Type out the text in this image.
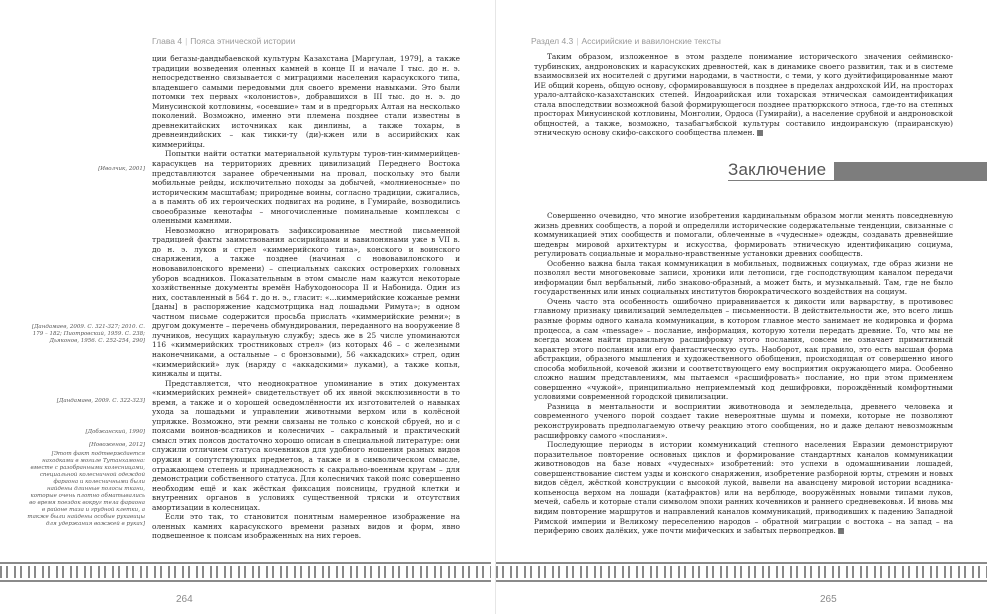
Глава 4 | Пояса этнической истории

ции бегазы-дандыбаевской культуры Казахстана [Маргулан, 1979], а также традиции возведения оленных камней в конце II и начале I тыс. до н. э. непосредственно связывается с миграциями населения карасукского типа, владевшего самыми передовыми для своего времени навыками. Это были потомки тех первых «колонистов», добравшихся в III тыс. до н. э. до Минусинской котловины, «осевшие» там и в предгорьях Алтая на несколько поколений. Возможно, именно эти племена позднее стали известны в древнекитайских источниках как динлины, а также тохары, в древнеиндийских – как тикки-ту (ди)-кжен или в ассирийских как киммерийцы.

Попытки найти остатки материальной культуры туров-тин-киммерийцев-карасукцев на территориях древних цивилизаций Переднего Востока представляются заранее обреченными на провал, поскольку это были мобильные рейды, исключительно походы за добычей, «молниеносные» по историческим масштабам; природные воины, согласно традиции, сжигались, а в память об их героических подвигах на родине, в Гумирайе, возводились своеобразные кенотафы – многочисленные поминальные комплексы с оленными камнями.

Невозможно игнорировать зафиксированные местной письменной традицией факты заимствования ассирийцами и вавилонянами уже в VII в. до н. э. луков и стрел «киммерийского типа», конского и воинского снаряжения, а также позднее (начиная с нововавилонского и нововавилонского времени) – специальных сакских островерхих головных уборов всадников. Показательным в этом смысле нам кажутся некоторые хозяйственные документы времён Набуходоносора II и Набонида. Один из них, составленный в 564 г. до н. э., гласит: «...киммерийские кожаные ремни [даны] в распоряжение кадсмотрщика над лошадьми Римута»; в одном частном письме содержится просьба прислать «киммерийские ремни»; в другом документе – перечень обмундирования, переданного на вооружение 8 лучников, несущих караульную службу; здесь же в 25 числе упоминаются 116 «киммерийских тростниковых стрел» (из которых 46 – с железными наконечниками, а остальные – с бронзовыми), 56 «аккадских» стрел, один «киммерийский» лук (наряду с «аккадскими» луками), а также копья, кинжалы и щиты.

Представляется, что неоднократное упоминание в этих документах «киммерийских ремней» свидетельствует об их явной эксклюзивности в то время, а также и о хорошей осведомлённости их изготовителей о навыках ухода за лошадьми и управлении животными верхом или в колёсной упряжке. Возможно, эти ремни связаны не только с конской сбруей, но и с поясами воинов-всадников и колесничих – сакральный и практический смысл этих поясов достаточно хорошо описан в специальной литературе: они служили отличием статуса кочевников для удобного ношения разных видов оружия и сопутствующих предметов, а также и в символическом смысле, отражающем степень и принадлежность к сакрально-военным кругам – для демонстрации собственного статуса. Для колесничих такой пояс совершенно необходим ещё и как жёсткая фиксация поясницы, грудной клетки и внутренних органов в условиях существенной тряски и отсутствия амортизации в колесницах.

Если это так, то становится понятным намеренное изображение на оленных камнях карасукского времени разных видов и форм, явно подвешенное к поясам изображенных на них героев.

[Иволчик, 2001]
[Дандамаев, 2009. С. 321-327; 2010. С. 179 – 182; Пиотровский, 1959. С. 238; Дьяконов, 1956. С. 252-254, 290]
[Дандамаев, 2009. С. 322-323]
[Добжанский, 1990]
[Новоженов, 2012]
[Этот факт подтверждается находками в могиле Тутанхамона: вместе с разобранными колесницами, специальной колесничной одеждой фараона и колесничными были найдены длинные полосы ткани, которые очень плотно обматывались во время поездок вокруг тела фараона в районе таза и грудной клетки, а также были найдены особые рукавицы для удержания вожжей в руках]
264
Раздел 4.3 | Ассирийские и вавилонские тексты

Таким образом, изложенное в этом разделе понимание исторического значения сейминско-турбинских, андроновских и карасукских древностей, как в динамике своего развития, так и в системе взаимосвязей их носителей с другими народами, в частности, с теми, у кого дуэйтифицированные мают ИЕ общий корень, общую основу, сформировавшуюся в позднее в пределах андрохской ИИ, на просторах урало-алтайско-казахстанских степей. Индоарийская или тохарская этническая самоидентификация стала впоследствии возможной базой формирующегося позднее пратюркского этноса, где-то на степных просторах Минусинской котловины, Монголии, Ордоса (Гумирайи), а население срубной и андроновской общностей, а также, возможно, тазабагъябской культуры составило индоиранскую (праиранскую) этническую основу скифо-сакского сообщества племен.

Заключение

Совершенно очевидно, что многие изобретения кардинальным образом могли менять повседневную жизнь древних сообществ, а порой и определяли исторические содержательные тенденции, связанные с коммуникацией этих сообществ и помогали, облеченные в «чудесные» одежды, создавать древнейшие шедевры мировой архитектуры и искусства, формировать этническую идентификацию социума, регулировать социальные и морально-нравственные установки древних сообществ.

Особенно важна была такая коммуникация в мобильных, подвижных социумах, где образ жизни не позволял вести многовековые записи, хроники или летописи, где господствующим каналом передачи информации был вербальный, либо знаково-образный, а может быть, и музыкальный. Там, где не было государственных или иных социальных институтов бюрократического воздействия на социум.

Очень часто эта особенность ошибочно приравнивается к дикости или варварству, в противовес главному признаку цивилизаций земледельцев – письменности. В действительности же, это всего лишь разные формы одного канала коммуникации, в котором главное место занимает не кодировка и форма процесса, а сам «message» – послание, информация, которую хотели передать древние. То, что мы не всегда можем найти правильную расшифровку этого послания, совсем не означает примитивный характер этого послания или его фантастическую суть. Наоборот, как правило, это есть высшая форма абстракции, образного мышления и художественного обобщения, происходящая от совершенно иного способа мобильной, кочевой жизни и соответствующего ему восприятия окружающего мира. Особенно сложно нашим представлениям, мы пытаемся «расшифровать» послание, но при этом применяем совершенно «чужой», принципиально неприемлемый код дешифровки, порождённый комфортными условиями современной городской цивилизации.

Разница в ментальности и восприятии животновода и земледельца, древнего человека и современного ученого порой создает такие невероятные шумы и помехи, которые не позволяют реконструировать предполагаемую отвечу реакцию этого сообщения, но и даже делают невозможным расшифровку самого «послания».

Последующие периоды в истории коммуникаций степного населения Евразии демонстрируют поразительное повторение основных циклов и формирование стандартных каналов коммуникации животноводов на базе новых «чудесных» изобретений: это успехи в одомашнивании лошадей, совершенствование систем узды и конского снаряжения, изобретение разборной юрты, стремян и новых видов сёдел, жёсткой конструкции с высокой лукой, вывели на авансцену мировой истории всадника-копьеносца верхом на лошади (катафрактов) или на верблюде, вооружённых новыми типами луков, мечей, сабель и которые стали символом эпохи ранних кочевников и раннего средневековья. И вновь мы видим повторение маршрутов и направлений каналов коммуникаций, приводивших к падению Западной Римской империи и Великому переселению народов – обратной миграции с востока – на запад – на периферию своих далёких, уже почти мифических и забытых первопредков.

265
